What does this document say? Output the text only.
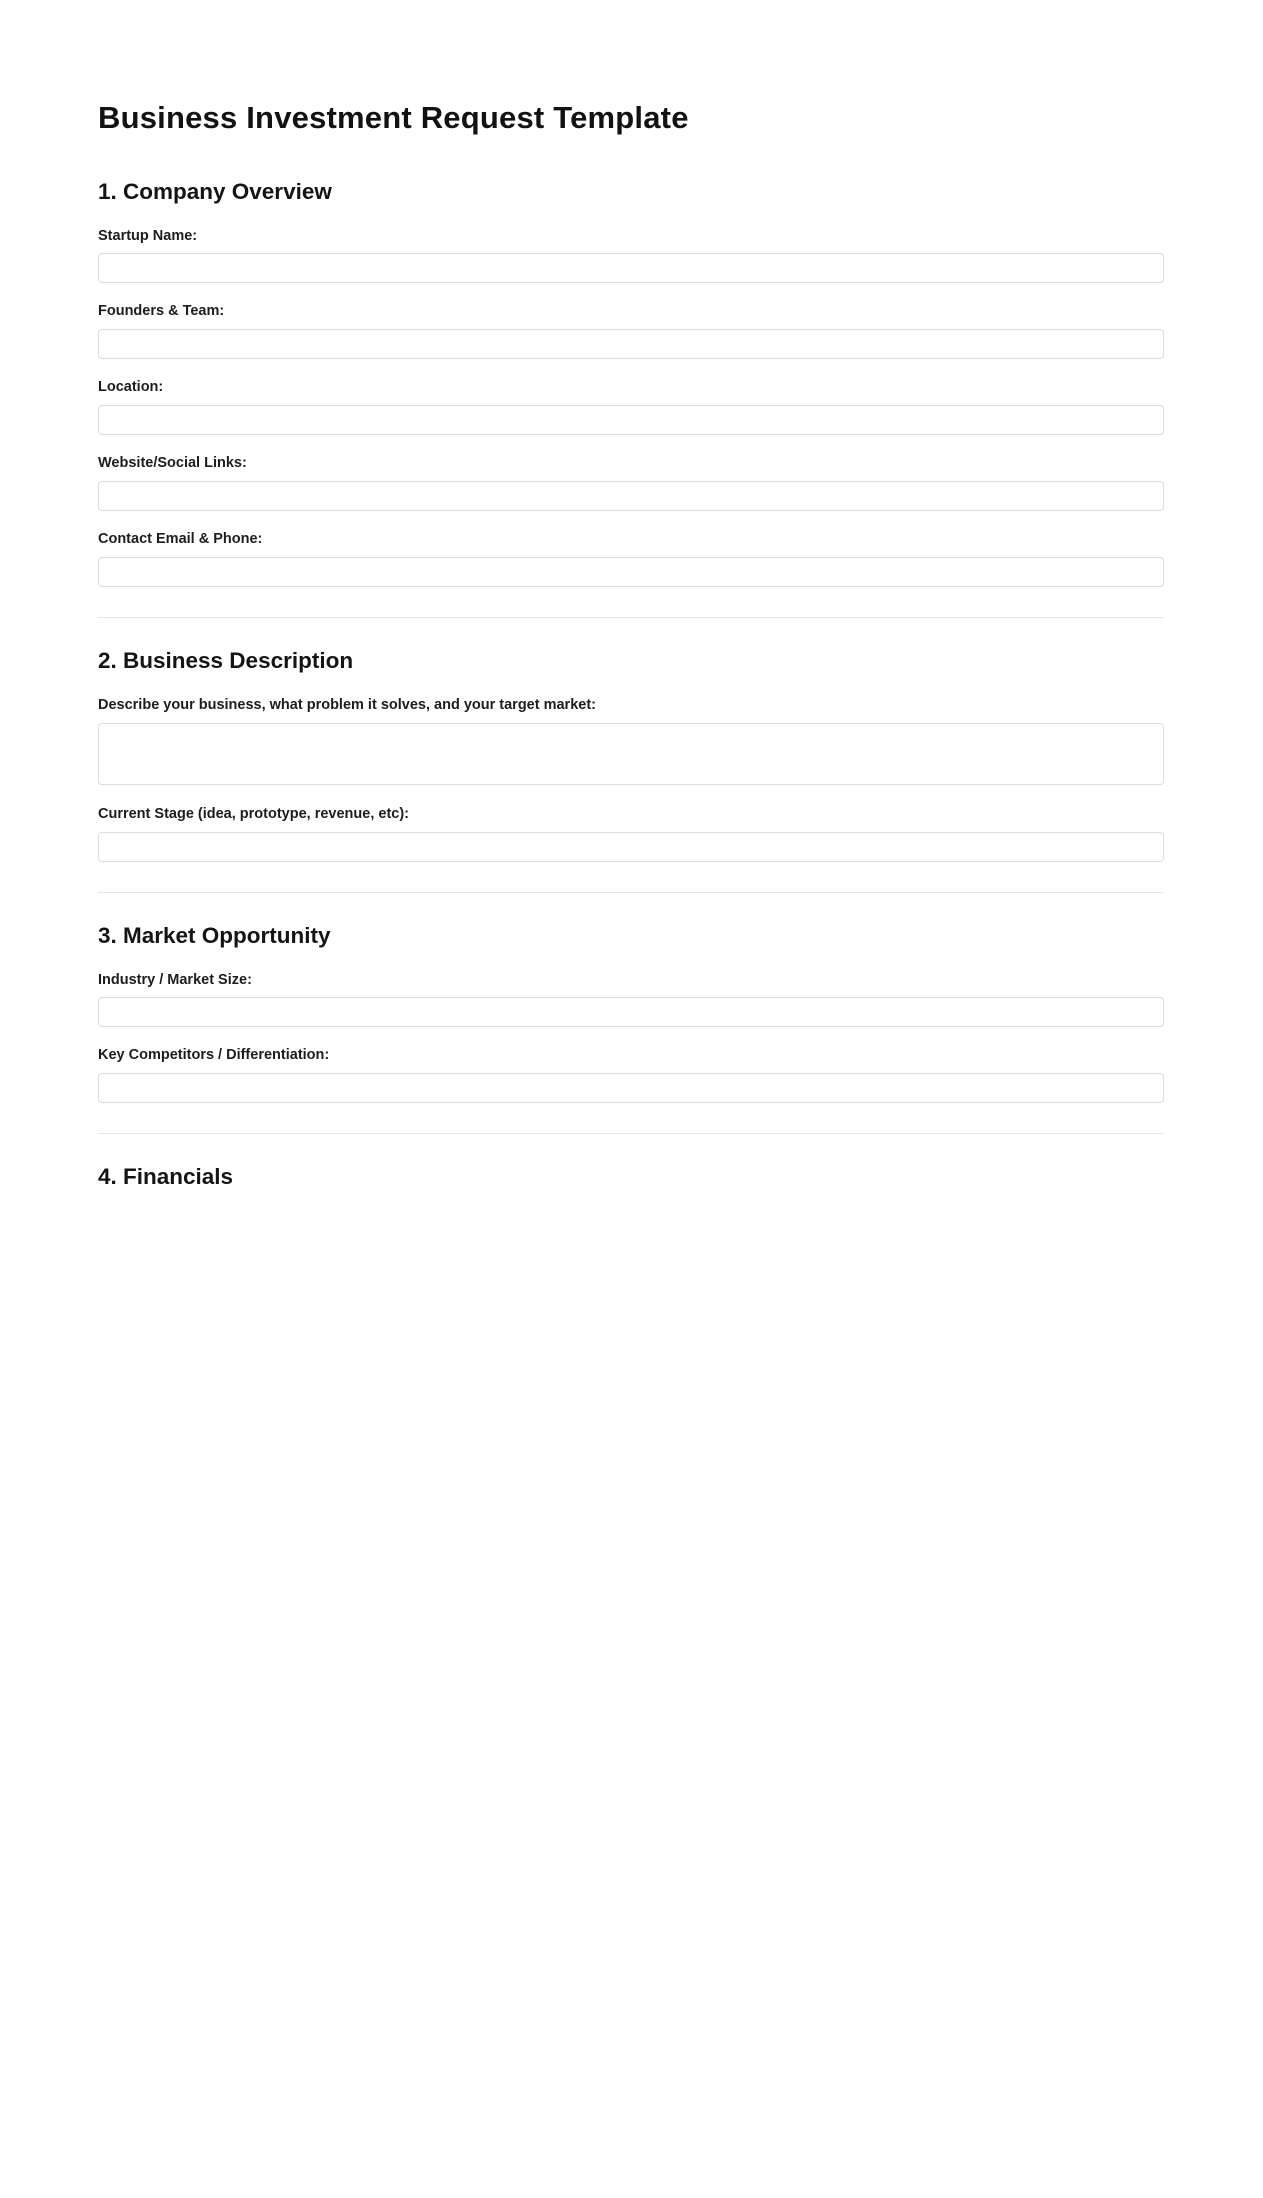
Business Investment Request Template
1. Company Overview
Startup Name:
Founders & Team:
Location:
Website/Social Links:
Contact Email & Phone:
2. Business Description
Describe your business, what problem it solves, and your target market:
Current Stage (idea, prototype, revenue, etc):
3. Market Opportunity
Industry / Market Size:
Key Competitors / Differentiation:
4. Financials
